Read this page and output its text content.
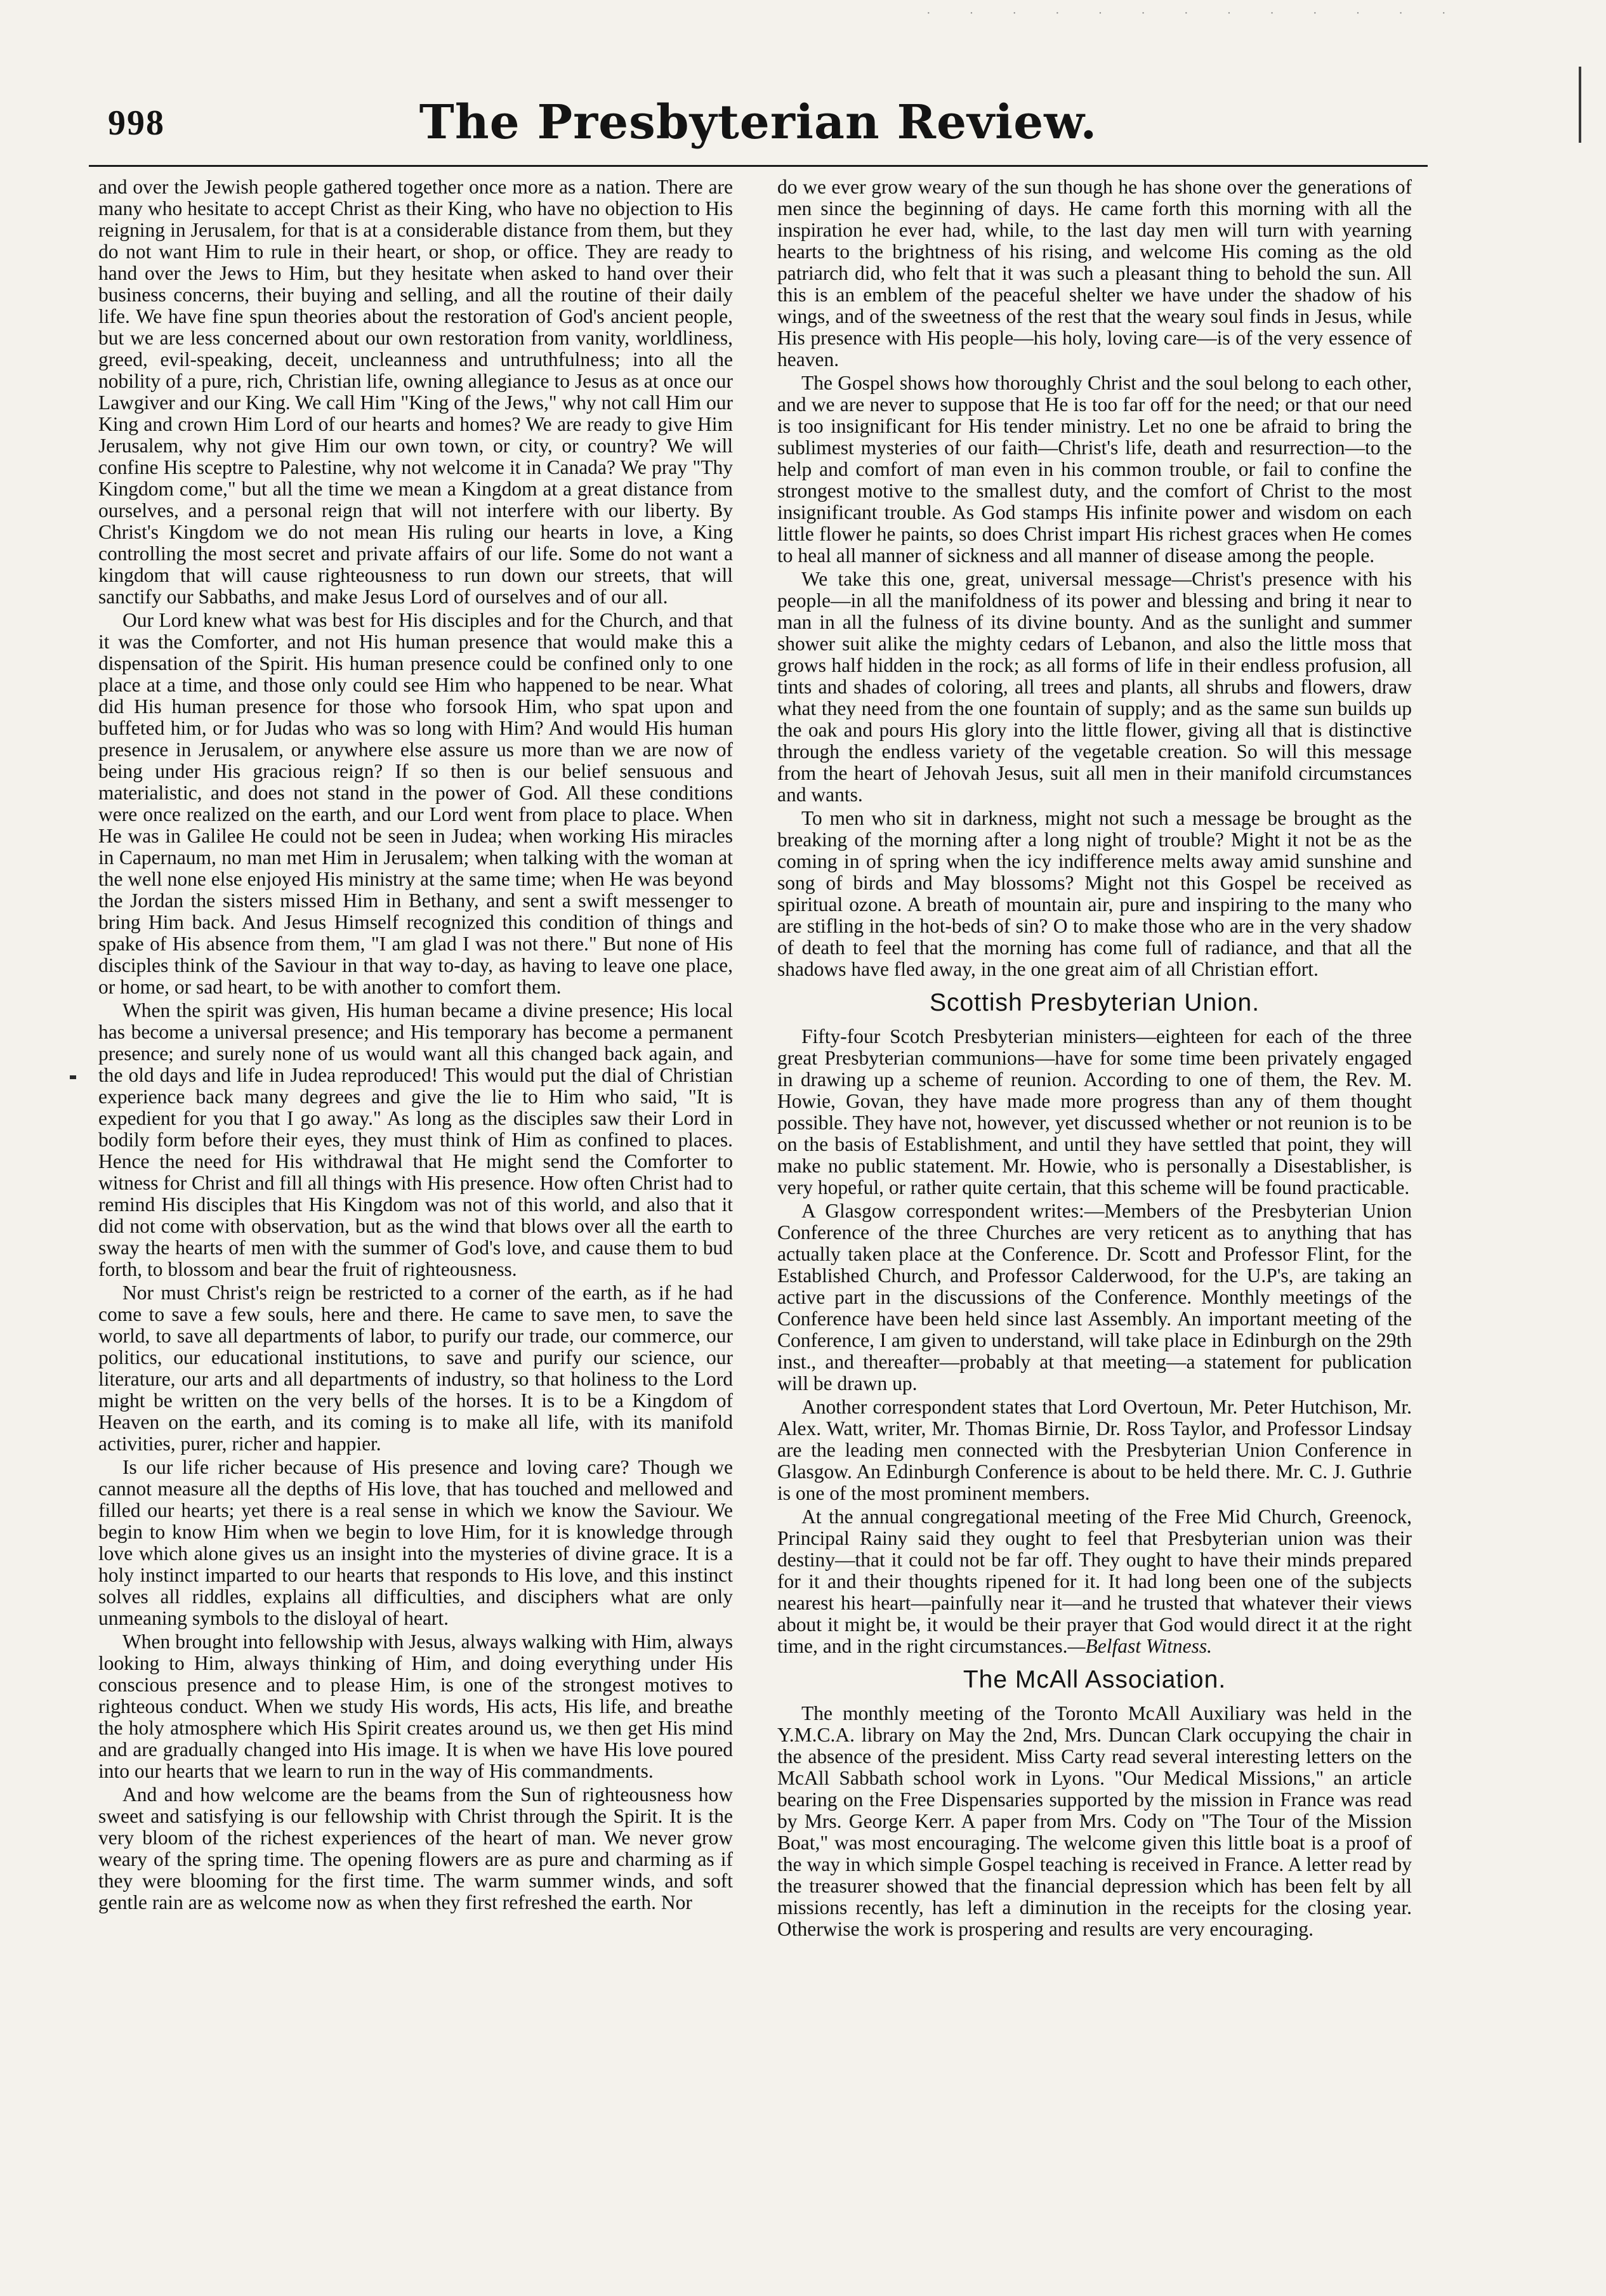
· · · · · · · · · · · · ·
998	The Presbyterian Review.

and over the Jewish people gathered together once more as a nation. There are many who hesitate to accept Christ as their King, who have no objection to His reigning in Jerusalem, for that is at a considerable distance from them, but they do not want Him to rule in their heart, or shop, or office. They are ready to hand over the Jews to Him, but they hesitate when asked to hand over their business concerns, their buying and selling, and all the routine of their daily life. We have fine spun theories about the restoration of God's ancient people, but we are less concerned about our own restoration from vanity, worldliness, greed, evil-speaking, deceit, uncleanness and untruthfulness; into all the nobility of a pure, rich, Christian life, owning allegiance to Jesus as at once our Lawgiver and our King. We call Him "King of the Jews," why not call Him our King and crown Him Lord of our hearts and homes? We are ready to give Him Jerusalem, why not give Him our own town, or city, or country? We will confine His sceptre to Palestine, why not welcome it in Canada? We pray "Thy Kingdom come," but all the time we mean a Kingdom at a great distance from ourselves, and a personal reign that will not interfere with our liberty. By Christ's Kingdom we do not mean His ruling our hearts in love, a King controlling the most secret and private affairs of our life. Some do not want a kingdom that will cause righteousness to run down our streets, that will sanctify our Sabbaths, and make Jesus Lord of ourselves and of our all.

Our Lord knew what was best for His disciples and for the Church, and that it was the Comforter, and not His human presence that would make this a dispensation of the Spirit. His human presence could be confined only to one place at a time, and those only could see Him who happened to be near. What did His human presence for those who forsook Him, who spat upon and buffeted him, or for Judas who was so long with Him? And would His human presence in Jerusalem, or anywhere else assure us more than we are now of being under His gracious reign? If so then is our belief sensuous and materialistic, and does not stand in the power of God. All these conditions were once realized on the earth, and our Lord went from place to place. When He was in Galilee He could not be seen in Judea; when working His miracles in Capernaum, no man met Him in Jerusalem; when talking with the woman at the well none else enjoyed His ministry at the same time; when He was beyond the Jordan the sisters missed Him in Bethany, and sent a swift messenger to bring Him back. And Jesus Himself recognized this condition of things and spake of His absence from them, "I am glad I was not there." But none of His disciples think of the Saviour in that way to-day, as having to leave one place, or home, or sad heart, to be with another to comfort them.

When the spirit was given, His human became a divine presence; His local has become a universal presence; and His temporary has become a permanent presence; and surely none of us would want all this changed back again, and the old days and life in Judea reproduced! This would put the dial of Christian experience back many degrees and give the lie to Him who said, "It is expedient for you that I go away." As long as the disciples saw their Lord in bodily form before their eyes, they must think of Him as confined to places. Hence the need for His withdrawal that He might send the Comforter to witness for Christ and fill all things with His presence. How often Christ had to remind His disciples that His Kingdom was not of this world, and also that it did not come with observation, but as the wind that blows over all the earth to sway the hearts of men with the summer of God's love, and cause them to bud forth, to blossom and bear the fruit of righteousness.

Nor must Christ's reign be restricted to a corner of the earth, as if he had come to save a few souls, here and there. He came to save men, to save the world, to save all departments of labor, to purify our trade, our commerce, our politics, our educational institutions, to save and purify our science, our literature, our arts and all departments of industry, so that holiness to the Lord might be written on the very bells of the horses. It is to be a Kingdom of Heaven on the earth, and its coming is to make all life, with its manifold activities, purer, richer and happier.

Is our life richer because of His presence and loving care? Though we cannot measure all the depths of His love, that has touched and mellowed and filled our hearts; yet there is a real sense in which we know the Saviour. We begin to know Him when we begin to love Him, for it is knowledge through love which alone gives us an insight into the mysteries of divine grace. It is a holy instinct imparted to our hearts that responds to His love, and this instinct solves all riddles, explains all difficulties, and disciphers what are only unmeaning symbols to the disloyal of heart.

When brought into fellowship with Jesus, always walking with Him, always looking to Him, always thinking of Him, and doing everything under His conscious presence and to please Him, is one of the strongest motives to righteous conduct. When we study His words, His acts, His life, and breathe the holy atmosphere which His Spirit creates around us, we then get His mind and are gradually changed into His image. It is when we have His love poured into our hearts that we learn to run in the way of His commandments.

And and how welcome are the beams from the Sun of righteousness how sweet and satisfying is our fellowship with Christ through the Spirit. It is the very bloom of the richest experiences of the heart of man. We never grow weary of the spring time. The opening flowers are as pure and charming as if they were blooming for the first time. The warm summer winds, and soft gentle rain are as welcome now as when they first refreshed the earth. Nor

do we ever grow weary of the sun though he has shone over the generations of men since the beginning of days. He came forth this morning with all the inspiration he ever had, while, to the last day men will turn with yearning hearts to the brightness of his rising, and welcome His coming as the old patriarch did, who felt that it was such a pleasant thing to behold the sun. All this is an emblem of the peaceful shelter we have under the shadow of his wings, and of the sweetness of the rest that the weary soul finds in Jesus, while His presence with His people—his holy, loving care—is of the very essence of heaven.

The Gospel shows how thoroughly Christ and the soul belong to each other, and we are never to suppose that He is too far off for the need; or that our need is too insignificant for His tender ministry. Let no one be afraid to bring the sublimest mysteries of our faith—Christ's life, death and resurrection—to the help and comfort of man even in his common trouble, or fail to confine the strongest motive to the smallest duty, and the comfort of Christ to the most insignificant trouble. As God stamps His infinite power and wisdom on each little flower he paints, so does Christ impart His richest graces when He comes to heal all manner of sickness and all manner of disease among the people.

We take this one, great, universal message—Christ's presence with his people—in all the manifoldness of its power and blessing and bring it near to man in all the fulness of its divine bounty. And as the sunlight and summer shower suit alike the mighty cedars of Lebanon, and also the little moss that grows half hidden in the rock; as all forms of life in their endless profusion, all tints and shades of coloring, all trees and plants, all shrubs and flowers, draw what they need from the one fountain of supply; and as the same sun builds up the oak and pours His glory into the little flower, giving all that is distinctive through the endless variety of the vegetable creation. So will this message from the heart of Jehovah Jesus, suit all men in their manifold circumstances and wants.

To men who sit in darkness, might not such a message be brought as the breaking of the morning after a long night of trouble? Might it not be as the coming in of spring when the icy indifference melts away amid sunshine and song of birds and May blossoms? Might not this Gospel be received as spiritual ozone. A breath of mountain air, pure and inspiring to the many who are stifling in the hot-beds of sin? O to make those who are in the very shadow of death to feel that the morning has come full of radiance, and that all the shadows have fled away, in the one great aim of all Christian effort.

Scottish Presbyterian Union.

Fifty-four Scotch Presbyterian ministers—eighteen for each of the three great Presbyterian communions—have for some time been privately engaged in drawing up a scheme of reunion. According to one of them, the Rev. M. Howie, Govan, they have made more progress than any of them thought possible. They have not, however, yet discussed whether or not reunion is to be on the basis of Establishment, and until they have settled that point, they will make no public statement. Mr. Howie, who is personally a Disestablisher, is very hopeful, or rather quite certain, that this scheme will be found practicable.

A Glasgow correspondent writes:—Members of the Presbyterian Union Conference of the three Churches are very reticent as to anything that has actually taken place at the Conference. Dr. Scott and Professor Flint, for the Established Church, and Professor Calderwood, for the U.P's, are taking an active part in the discussions of the Conference. Monthly meetings of the Conference have been held since last Assembly. An important meeting of the Conference, I am given to understand, will take place in Edinburgh on the 29th inst., and thereafter—probably at that meeting—a statement for publication will be drawn up.

Another correspondent states that Lord Overtoun, Mr. Peter Hutchison, Mr. Alex. Watt, writer, Mr. Thomas Birnie, Dr. Ross Taylor, and Professor Lindsay are the leading men connected with the Presbyterian Union Conference in Glasgow. An Edinburgh Conference is about to be held there. Mr. C. J. Guthrie is one of the most prominent members.

At the annual congregational meeting of the Free Mid Church, Greenock, Principal Rainy said they ought to feel that Presbyterian union was their destiny—that it could not be far off. They ought to have their minds prepared for it and their thoughts ripened for it. It had long been one of the subjects nearest his heart—painfully near it—and he trusted that whatever their views about it might be, it would be their prayer that God would direct it at the right time, and in the right circumstances.—Belfast Witness.

The McAll Association.

The monthly meeting of the Toronto McAll Auxiliary was held in the Y.M.C.A. library on May the 2nd, Mrs. Duncan Clark occupying the chair in the absence of the president. Miss Carty read several interesting letters on the McAll Sabbath school work in Lyons. "Our Medical Missions," an article bearing on the Free Dispensaries supported by the mission in France was read by Mrs. George Kerr. A paper from Mrs. Cody on "The Tour of the Mission Boat," was most encouraging. The welcome given this little boat is a proof of the way in which simple Gospel teaching is received in France. A letter read by the treasurer showed that the financial depression which has been felt by all missions recently, has left a diminution in the receipts for the closing year. Otherwise the work is prospering and results are very encouraging.
